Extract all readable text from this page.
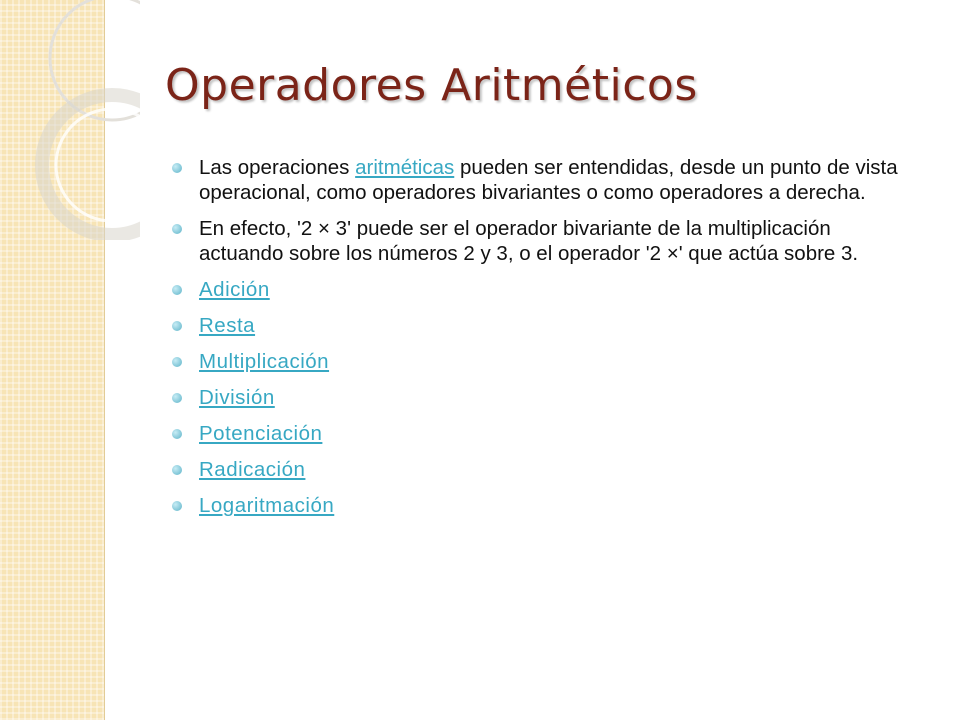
Operadores Aritméticos
Las operaciones aritméticas pueden ser entendidas, desde un punto de vista operacional, como operadores bivariantes o como operadores a derecha.
En efecto, '2 × 3' puede ser el operador bivariante de la multiplicación actuando sobre los números 2 y 3, o el operador '2 ×' que actúa sobre 3.
Adición
Resta
Multiplicación
División
Potenciación
Radicación
Logaritmación
